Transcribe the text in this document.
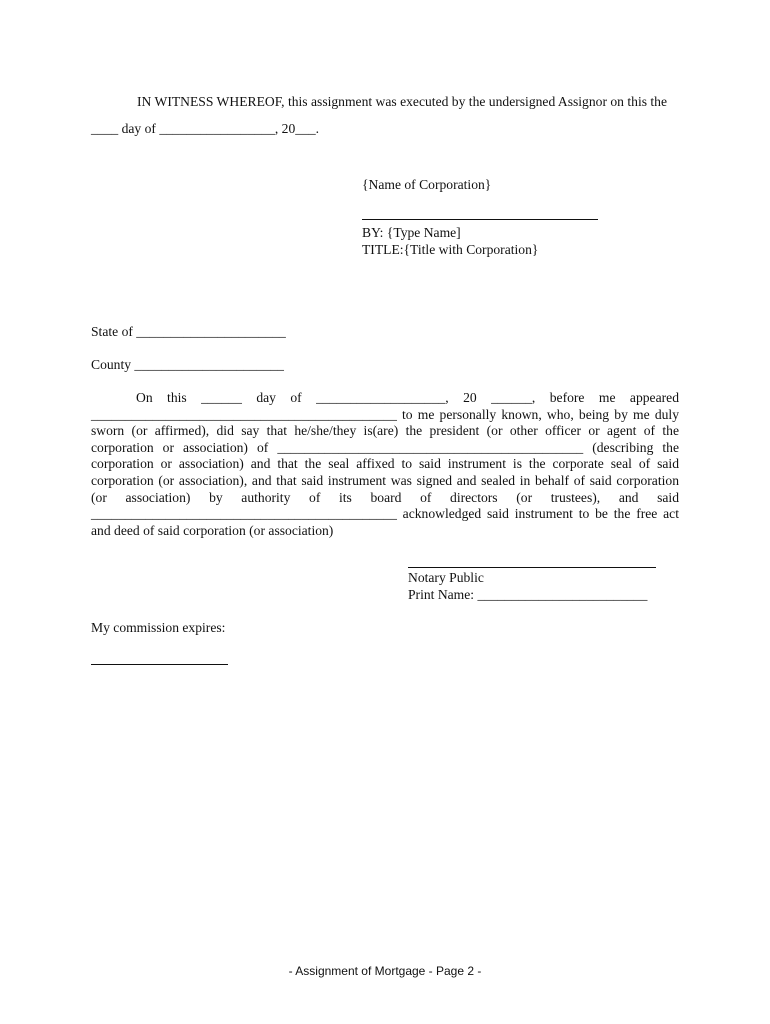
IN WITNESS WHEREOF, this assignment was executed by the undersigned Assignor on this the
____ day of _________________, 20___.
{Name of Corporation}
BY: {Type Name]
TITLE:{Title with Corporation}
State of ______________________
County ______________________
On this ______ day of ___________________, 20 ______, before me appeared
_____________________________________________ to me personally known, who, being by me duly
sworn (or affirmed), did say that he/she/they is(are) the president (or other officer or agent of the
corporation or association) of _____________________________________________ (describing the
corporation or association) and that the seal affixed to said instrument is the corporate seal of said
corporation (or association), and that said instrument was signed and sealed in behalf of said corporation
(or association) by authority of its board of directors (or trustees), and said
_____________________________________________ acknowledged said instrument to be the free act
and deed of said corporation (or association)
Notary Public
Print Name: _________________________
My commission expires:
- Assignment of Mortgage - Page 2 -
